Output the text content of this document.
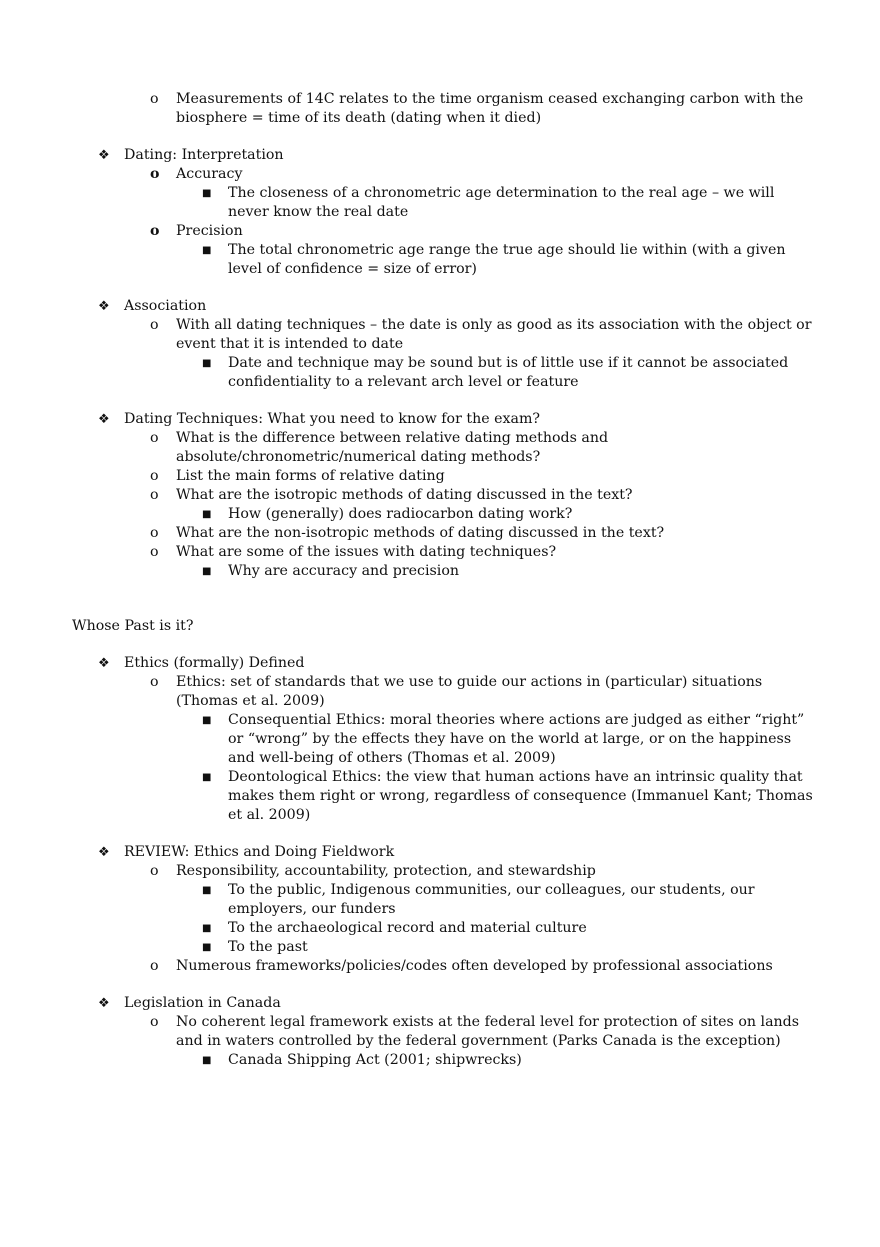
o	Measurements of 14C relates to the time organism ceased exchanging carbon with the biosphere = time of its death (dating when it died)
❖	Dating: Interpretation
o	Accuracy
■	The closeness of a chronometric age determination to the real age – we will never know the real date
o	Precision
■	The total chronometric age range the true age should lie within (with a given level of confidence = size of error)
❖	Association
o	With all dating techniques – the date is only as good as its association with the object or event that it is intended to date
■	Date and technique may be sound but is of little use if it cannot be associated confidentiality to a relevant arch level or feature
❖	Dating Techniques: What you need to know for the exam?
o	What is the difference between relative dating methods and absolute/chronometric/numerical dating methods?
o	List the main forms of relative dating
o	What are the isotropic methods of dating discussed in the text?
■	How (generally) does radiocarbon dating work?
o	What are the non-isotropic methods of dating discussed in the text?
o	What are some of the issues with dating techniques?
■	Why are accuracy and precision
Whose Past is it?
❖	Ethics (formally) Defined
o	Ethics: set of standards that we use to guide our actions in (particular) situations (Thomas et al. 2009)
■	Consequential Ethics: moral theories where actions are judged as either “right” or “wrong” by the effects they have on the world at large, or on the happiness and well-being of others (Thomas et al. 2009)
■	Deontological Ethics: the view that human actions have an intrinsic quality that makes them right or wrong, regardless of consequence (Immanuel Kant; Thomas et al. 2009)
❖	REVIEW: Ethics and Doing Fieldwork
o	Responsibility, accountability, protection, and stewardship
■	To the public, Indigenous communities, our colleagues, our students, our employers, our funders
■	To the archaeological record and material culture
■	To the past
o	Numerous frameworks/policies/codes often developed by professional associations
❖	Legislation in Canada
o	No coherent legal framework exists at the federal level for protection of sites on lands and in waters controlled by the federal government (Parks Canada is the exception)
■	Canada Shipping Act (2001; shipwrecks)
